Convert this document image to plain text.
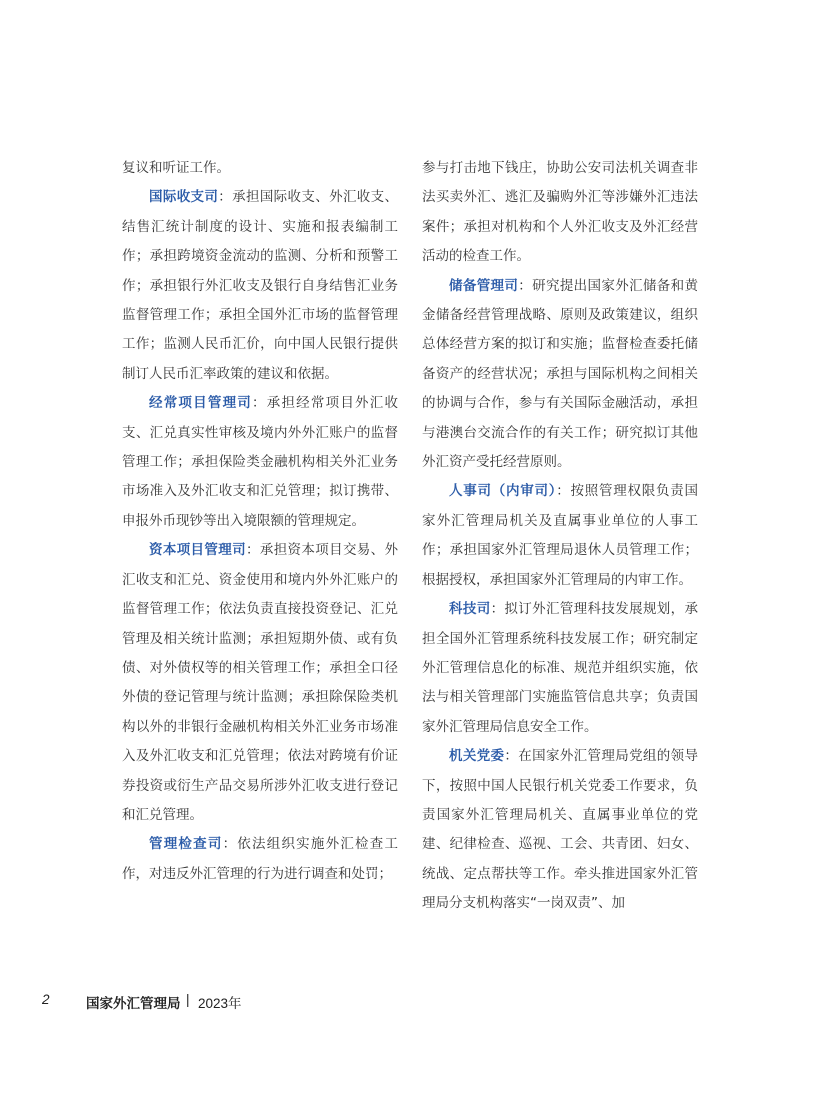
复议和听证工作。

国际收支司：承担国际收支、外汇收支、结售汇统计制度的设计、实施和报表编制工作；承担跨境资金流动的监测、分析和预警工作；承担银行外汇收支及银行自身结售汇业务监督管理工作；承担全国外汇市场的监督管理工作；监测人民币汇价，向中国人民银行提供制订人民币汇率政策的建议和依据。

经常项目管理司：承担经常项目外汇收支、汇兑真实性审核及境内外外汇账户的监督管理工作；承担保险类金融机构相关外汇业务市场准入及外汇收支和汇兑管理；拟订携带、申报外币现钞等出入境限额的管理规定。

资本项目管理司：承担资本项目交易、外汇收支和汇兑、资金使用和境内外外汇账户的监督管理工作；依法负责直接投资登记、汇兑管理及相关统计监测；承担短期外债、或有负债、对外债权等的相关管理工作；承担全口径外债的登记管理与统计监测；承担除保险类机构以外的非银行金融机构相关外汇业务市场准入及外汇收支和汇兑管理；依法对跨境有价证券投资或衍生产品交易所涉外汇收支进行登记和汇兑管理。

管理检查司：依法组织实施外汇检查工作，对违反外汇管理的行为进行调查和处罚；

参与打击地下钱庄，协助公安司法机关调查非法买卖外汇、逃汇及骗购外汇等涉嫌外汇违法案件；承担对机构和个人外汇收支及外汇经营活动的检查工作。

储备管理司：研究提出国家外汇储备和黄金储备经营管理战略、原则及政策建议，组织总体经营方案的拟订和实施；监督检查委托储备资产的经营状况；承担与国际机构之间相关的协调与合作，参与有关国际金融活动，承担与港澳台交流合作的有关工作；研究拟订其他外汇资产受托经营原则。

人事司（内审司）：按照管理权限负责国家外汇管理局机关及直属事业单位的人事工作；承担国家外汇管理局退休人员管理工作；根据授权，承担国家外汇管理局的内审工作。

科技司：拟订外汇管理科技发展规划，承担全国外汇管理系统科技发展工作；研究制定外汇管理信息化的标准、规范并组织实施，依法与相关管理部门实施监管信息共享；负责国家外汇管理局信息安全工作。

机关党委：在国家外汇管理局党组的领导下，按照中国人民银行机关党委工作要求，负责国家外汇管理局机关、直属事业单位的党建、纪律检查、巡视、工会、共青团、妇女、统战、定点帮扶等工作。牵头推进国家外汇管理局分支机构落实“一岗双责”、加

2	国家外汇管理局 | 2023年
